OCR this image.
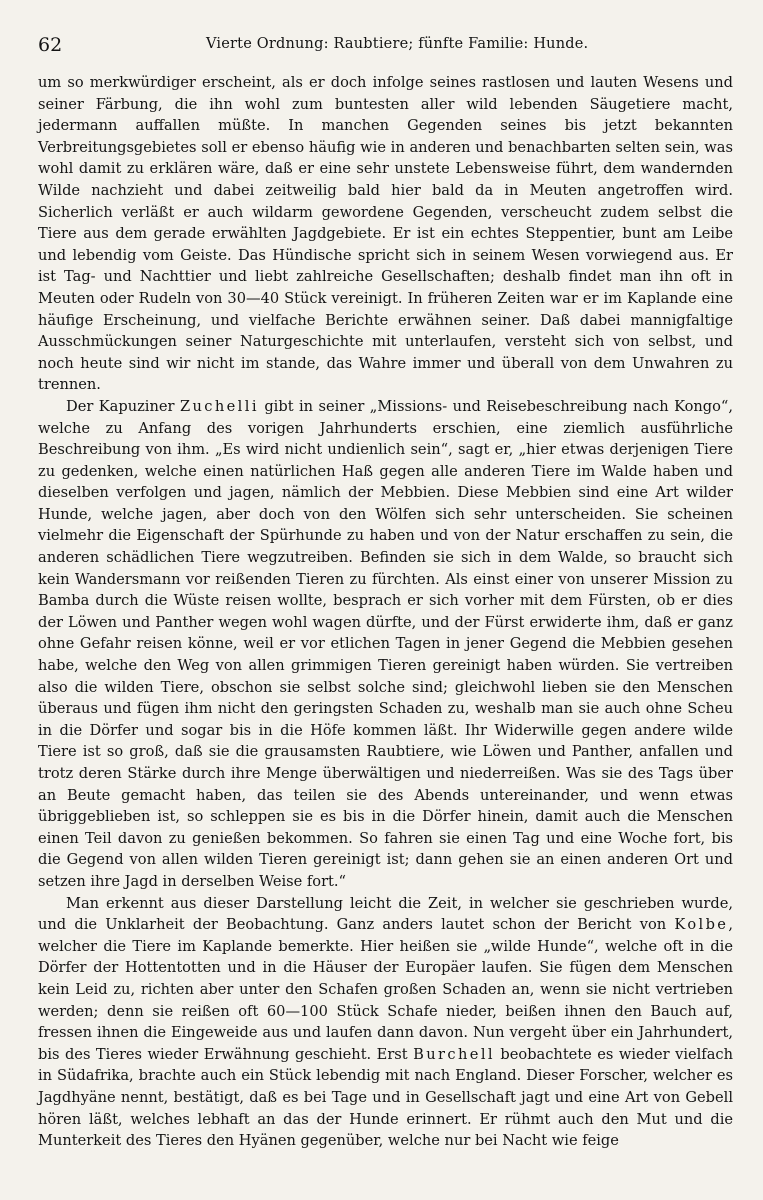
62	Vierte Ordnung: Raubtiere; fünfte Familie: Hunde.

um so merkwürdiger erscheint, als er doch infolge seines rastlosen und lauten Wesens und seiner Färbung, die ihn wohl zum buntesten aller wild lebenden Säugetiere macht, jedermann auffallen müßte. In manchen Gegenden seines bis jetzt bekannten Verbreitungsgebietes soll er ebenso häufig wie in anderen und benachbarten selten sein, was wohl damit zu erklären wäre, daß er eine sehr unstete Lebensweise führt, dem wandernden Wilde nachzieht und dabei zeitweilig bald hier bald da in Meuten angetroffen wird. Sicherlich verläßt er auch wildarm gewordene Gegenden, verscheucht zudem selbst die Tiere aus dem gerade erwählten Jagdgebiete. Er ist ein echtes Steppentier, bunt am Leibe und lebendig vom Geiste. Das Hündische spricht sich in seinem Wesen vorwiegend aus. Er ist Tag- und Nachttier und liebt zahlreiche Gesellschaften; deshalb findet man ihn oft in Meuten oder Rudeln von 30—40 Stück vereinigt. In früheren Zeiten war er im Kaplande eine häufige Erscheinung, und vielfache Berichte erwähnen seiner. Daß dabei mannigfaltige Ausschmückungen seiner Naturgeschichte mit unterlaufen, versteht sich von selbst, und noch heute sind wir nicht im stande, das Wahre immer und überall von dem Unwahren zu trennen.

Der Kapuziner Zuchelli gibt in seiner „Missions- und Reisebeschreibung nach Kongo“, welche zu Anfang des vorigen Jahrhunderts erschien, eine ziemlich ausführliche Beschreibung von ihm. „Es wird nicht undienlich sein“, sagt er, „hier etwas derjenigen Tiere zu gedenken, welche einen natürlichen Haß gegen alle anderen Tiere im Walde haben und dieselben verfolgen und jagen, nämlich der Mebbien. Diese Mebbien sind eine Art wilder Hunde, welche jagen, aber doch von den Wölfen sich sehr unterscheiden. Sie scheinen vielmehr die Eigenschaft der Spürhunde zu haben und von der Natur erschaffen zu sein, die anderen schädlichen Tiere wegzutreiben. Befinden sie sich in dem Walde, so braucht sich kein Wandersmann vor reißenden Tieren zu fürchten. Als einst einer von unserer Mission zu Bamba durch die Wüste reisen wollte, besprach er sich vorher mit dem Fürsten, ob er dies der Löwen und Panther wegen wohl wagen dürfte, und der Fürst erwiderte ihm, daß er ganz ohne Gefahr reisen könne, weil er vor etlichen Tagen in jener Gegend die Mebbien gesehen habe, welche den Weg von allen grimmigen Tieren gereinigt haben würden. Sie vertreiben also die wilden Tiere, obschon sie selbst solche sind; gleichwohl lieben sie den Menschen überaus und fügen ihm nicht den geringsten Schaden zu, weshalb man sie auch ohne Scheu in die Dörfer und sogar bis in die Höfe kommen läßt. Ihr Widerwille gegen andere wilde Tiere ist so groß, daß sie die grausamsten Raubtiere, wie Löwen und Panther, anfallen und trotz deren Stärke durch ihre Menge überwältigen und niederreißen. Was sie des Tags über an Beute gemacht haben, das teilen sie des Abends untereinander, und wenn etwas übriggeblieben ist, so schleppen sie es bis in die Dörfer hinein, damit auch die Menschen einen Teil davon zu genießen bekommen. So fahren sie einen Tag und eine Woche fort, bis die Gegend von allen wilden Tieren gereinigt ist; dann gehen sie an einen anderen Ort und setzen ihre Jagd in derselben Weise fort.“

Man erkennt aus dieser Darstellung leicht die Zeit, in welcher sie geschrieben wurde, und die Unklarheit der Beobachtung. Ganz anders lautet schon der Bericht von Kolbe, welcher die Tiere im Kaplande bemerkte. Hier heißen sie „wilde Hunde“, welche oft in die Dörfer der Hottentotten und in die Häuser der Europäer laufen. Sie fügen dem Menschen kein Leid zu, richten aber unter den Schafen großen Schaden an, wenn sie nicht vertrieben werden; denn sie reißen oft 60—100 Stück Schafe nieder, beißen ihnen den Bauch auf, fressen ihnen die Eingeweide aus und laufen dann davon. Nun vergeht über ein Jahrhundert, bis des Tieres wieder Erwähnung geschieht. Erst Burchell beobachtete es wieder vielfach in Südafrika, brachte auch ein Stück lebendig mit nach England. Dieser Forscher, welcher es Jagdhyäne nennt, bestätigt, daß es bei Tage und in Gesellschaft jagt und eine Art von Gebell hören läßt, welches lebhaft an das der Hunde erinnert. Er rühmt auch den Mut und die Munterkeit des Tieres den Hyänen gegenüber, welche nur bei Nacht wie feige
